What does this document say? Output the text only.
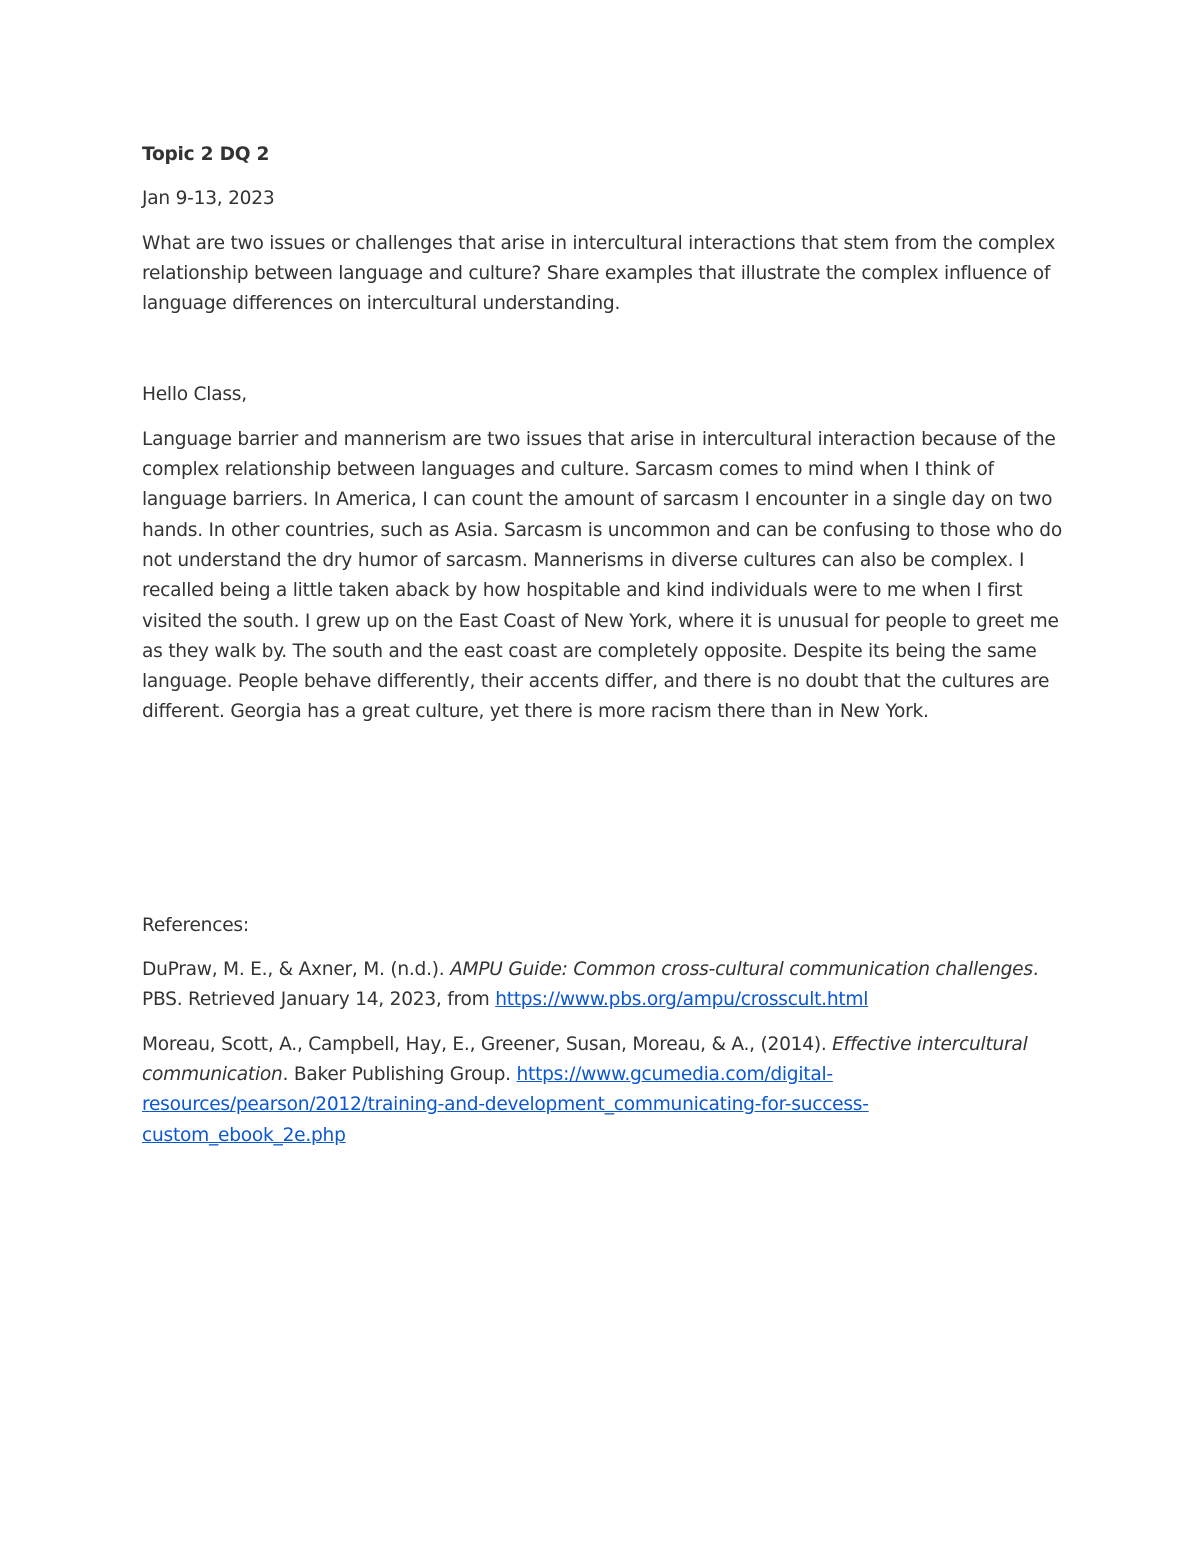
Topic 2 DQ 2

Jan 9-13, 2023

What are two issues or challenges that arise in intercultural interactions that stem from the complex relationship between language and culture? Share examples that illustrate the complex influence of language differences on intercultural understanding.

Hello Class,

Language barrier and mannerism are two issues that arise in intercultural interaction because of the complex relationship between languages and culture. Sarcasm comes to mind when I think of language barriers. In America, I can count the amount of sarcasm I encounter in a single day on two hands. In other countries, such as Asia. Sarcasm is uncommon and can be confusing to those who do not understand the dry humor of sarcasm. Mannerisms in diverse cultures can also be complex. I recalled being a little taken aback by how hospitable and kind individuals were to me when I first visited the south. I grew up on the East Coast of New York, where it is unusual for people to greet me as they walk by. The south and the east coast are completely opposite. Despite its being the same language. People behave differently, their accents differ, and there is no doubt that the cultures are different. Georgia has a great culture, yet there is more racism there than in New York.

References:

DuPraw, M. E., & Axner, M. (n.d.). AMPU Guide: Common cross-cultural communication challenges. PBS. Retrieved January 14, 2023, from https://www.pbs.org/ampu/crosscult.html

Moreau, Scott, A., Campbell, Hay, E., Greener, Susan, Moreau, & A., (2014). Effective intercultural communication. Baker Publishing Group. https://www.gcumedia.com/digital-resources/pearson/2012/training-and-development_communicating-for-success-custom_ebook_2e.php
